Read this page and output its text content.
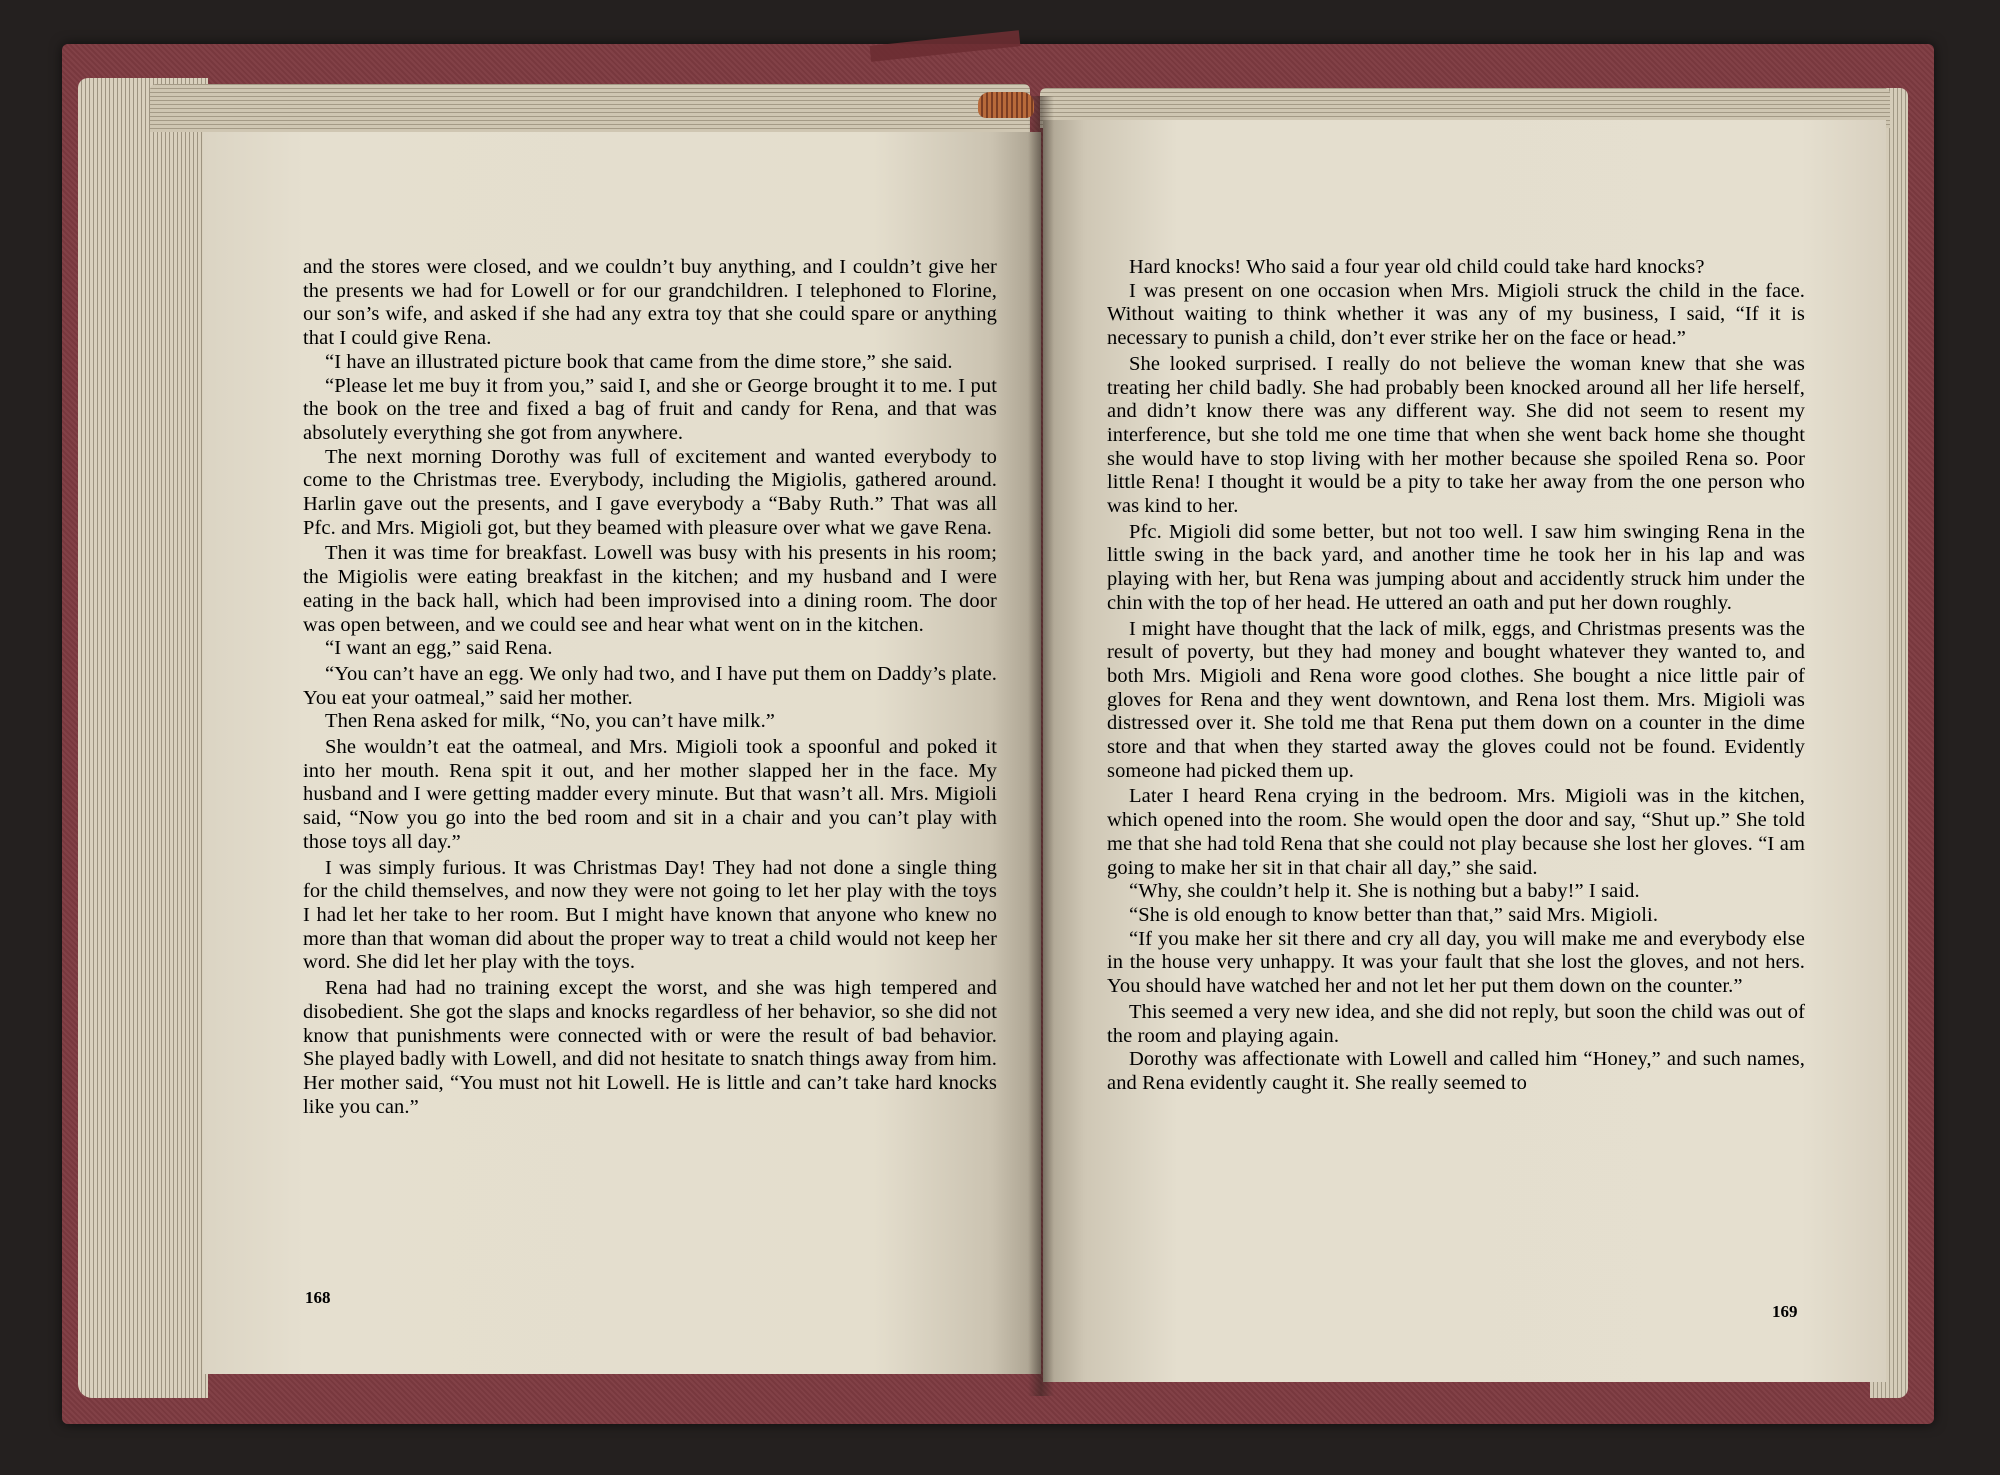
and the stores were closed, and we couldn’t buy anything, and I couldn’t give her the presents we had for Lowell or for our grandchildren. I telephoned to Florine, our son’s wife, and asked if she had any extra toy that she could spare or anything that I could give Rena.

“I have an illustrated picture book that came from the dime store,” she said.

“Please let me buy it from you,” said I, and she or George brought it to me. I put the book on the tree and fixed a bag of fruit and candy for Rena, and that was absolutely everything she got from anywhere.

The next morning Dorothy was full of excitement and wanted everybody to come to the Christmas tree. Everybody, including the Migiolis, gathered around. Harlin gave out the presents, and I gave everybody a “Baby Ruth.” That was all Pfc. and Mrs. Migioli got, but they beamed with pleasure over what we gave Rena.

Then it was time for breakfast. Lowell was busy with his presents in his room; the Migiolis were eating breakfast in the kitchen; and my husband and I were eating in the back hall, which had been improvised into a dining room. The door was open between, and we could see and hear what went on in the kitchen.

“I want an egg,” said Rena.

“You can’t have an egg. We only had two, and I have put them on Daddy’s plate. You eat your oatmeal,” said her mother.

Then Rena asked for milk, “No, you can’t have milk.”

She wouldn’t eat the oatmeal, and Mrs. Migioli took a spoonful and poked it into her mouth. Rena spit it out, and her mother slapped her in the face. My husband and I were getting madder every minute. But that wasn’t all. Mrs. Migioli said, “Now you go into the bed room and sit in a chair and you can’t play with those toys all day.”

I was simply furious. It was Christmas Day! They had not done a single thing for the child themselves, and now they were not going to let her play with the toys I had let her take to her room. But I might have known that anyone who knew no more than that woman did about the proper way to treat a child would not keep her word. She did let her play with the toys.

Rena had had no training except the worst, and she was high tempered and disobedient. She got the slaps and knocks regardless of her behavior, so she did not know that punishments were connected with or were the result of bad behavior. She played badly with Lowell, and did not hesitate to snatch things away from him. Her mother said, “You must not hit Lowell. He is little and can’t take hard knocks like you can.”

168

Hard knocks! Who said a four year old child could take hard knocks?

I was present on one occasion when Mrs. Migioli struck the child in the face. Without waiting to think whether it was any of my business, I said, “If it is necessary to punish a child, don’t ever strike her on the face or head.”

She looked surprised. I really do not believe the woman knew that she was treating her child badly. She had probably been knocked around all her life herself, and didn’t know there was any different way. She did not seem to resent my interference, but she told me one time that when she went back home she thought she would have to stop living with her mother because she spoiled Rena so. Poor little Rena! I thought it would be a pity to take her away from the one person who was kind to her.

Pfc. Migioli did some better, but not too well. I saw him swinging Rena in the little swing in the back yard, and another time he took her in his lap and was playing with her, but Rena was jumping about and accidently struck him under the chin with the top of her head. He uttered an oath and put her down roughly.

I might have thought that the lack of milk, eggs, and Christmas presents was the result of poverty, but they had money and bought whatever they wanted to, and both Mrs. Migioli and Rena wore good clothes. She bought a nice little pair of gloves for Rena and they went downtown, and Rena lost them. Mrs. Migioli was distressed over it. She told me that Rena put them down on a counter in the dime store and that when they started away the gloves could not be found. Evidently someone had picked them up.

Later I heard Rena crying in the bedroom. Mrs. Migioli was in the kitchen, which opened into the room. She would open the door and say, “Shut up.” She told me that she had told Rena that she could not play because she lost her gloves. “I am going to make her sit in that chair all day,” she said.

“Why, she couldn’t help it. She is nothing but a baby!” I said.

“She is old enough to know better than that,” said Mrs. Migioli.

“If you make her sit there and cry all day, you will make me and everybody else in the house very unhappy. It was your fault that she lost the gloves, and not hers. You should have watched her and not let her put them down on the counter.”

This seemed a very new idea, and she did not reply, but soon the child was out of the room and playing again.

Dorothy was affectionate with Lowell and called him “Honey,” and such names, and Rena evidently caught it. She really seemed to

169
